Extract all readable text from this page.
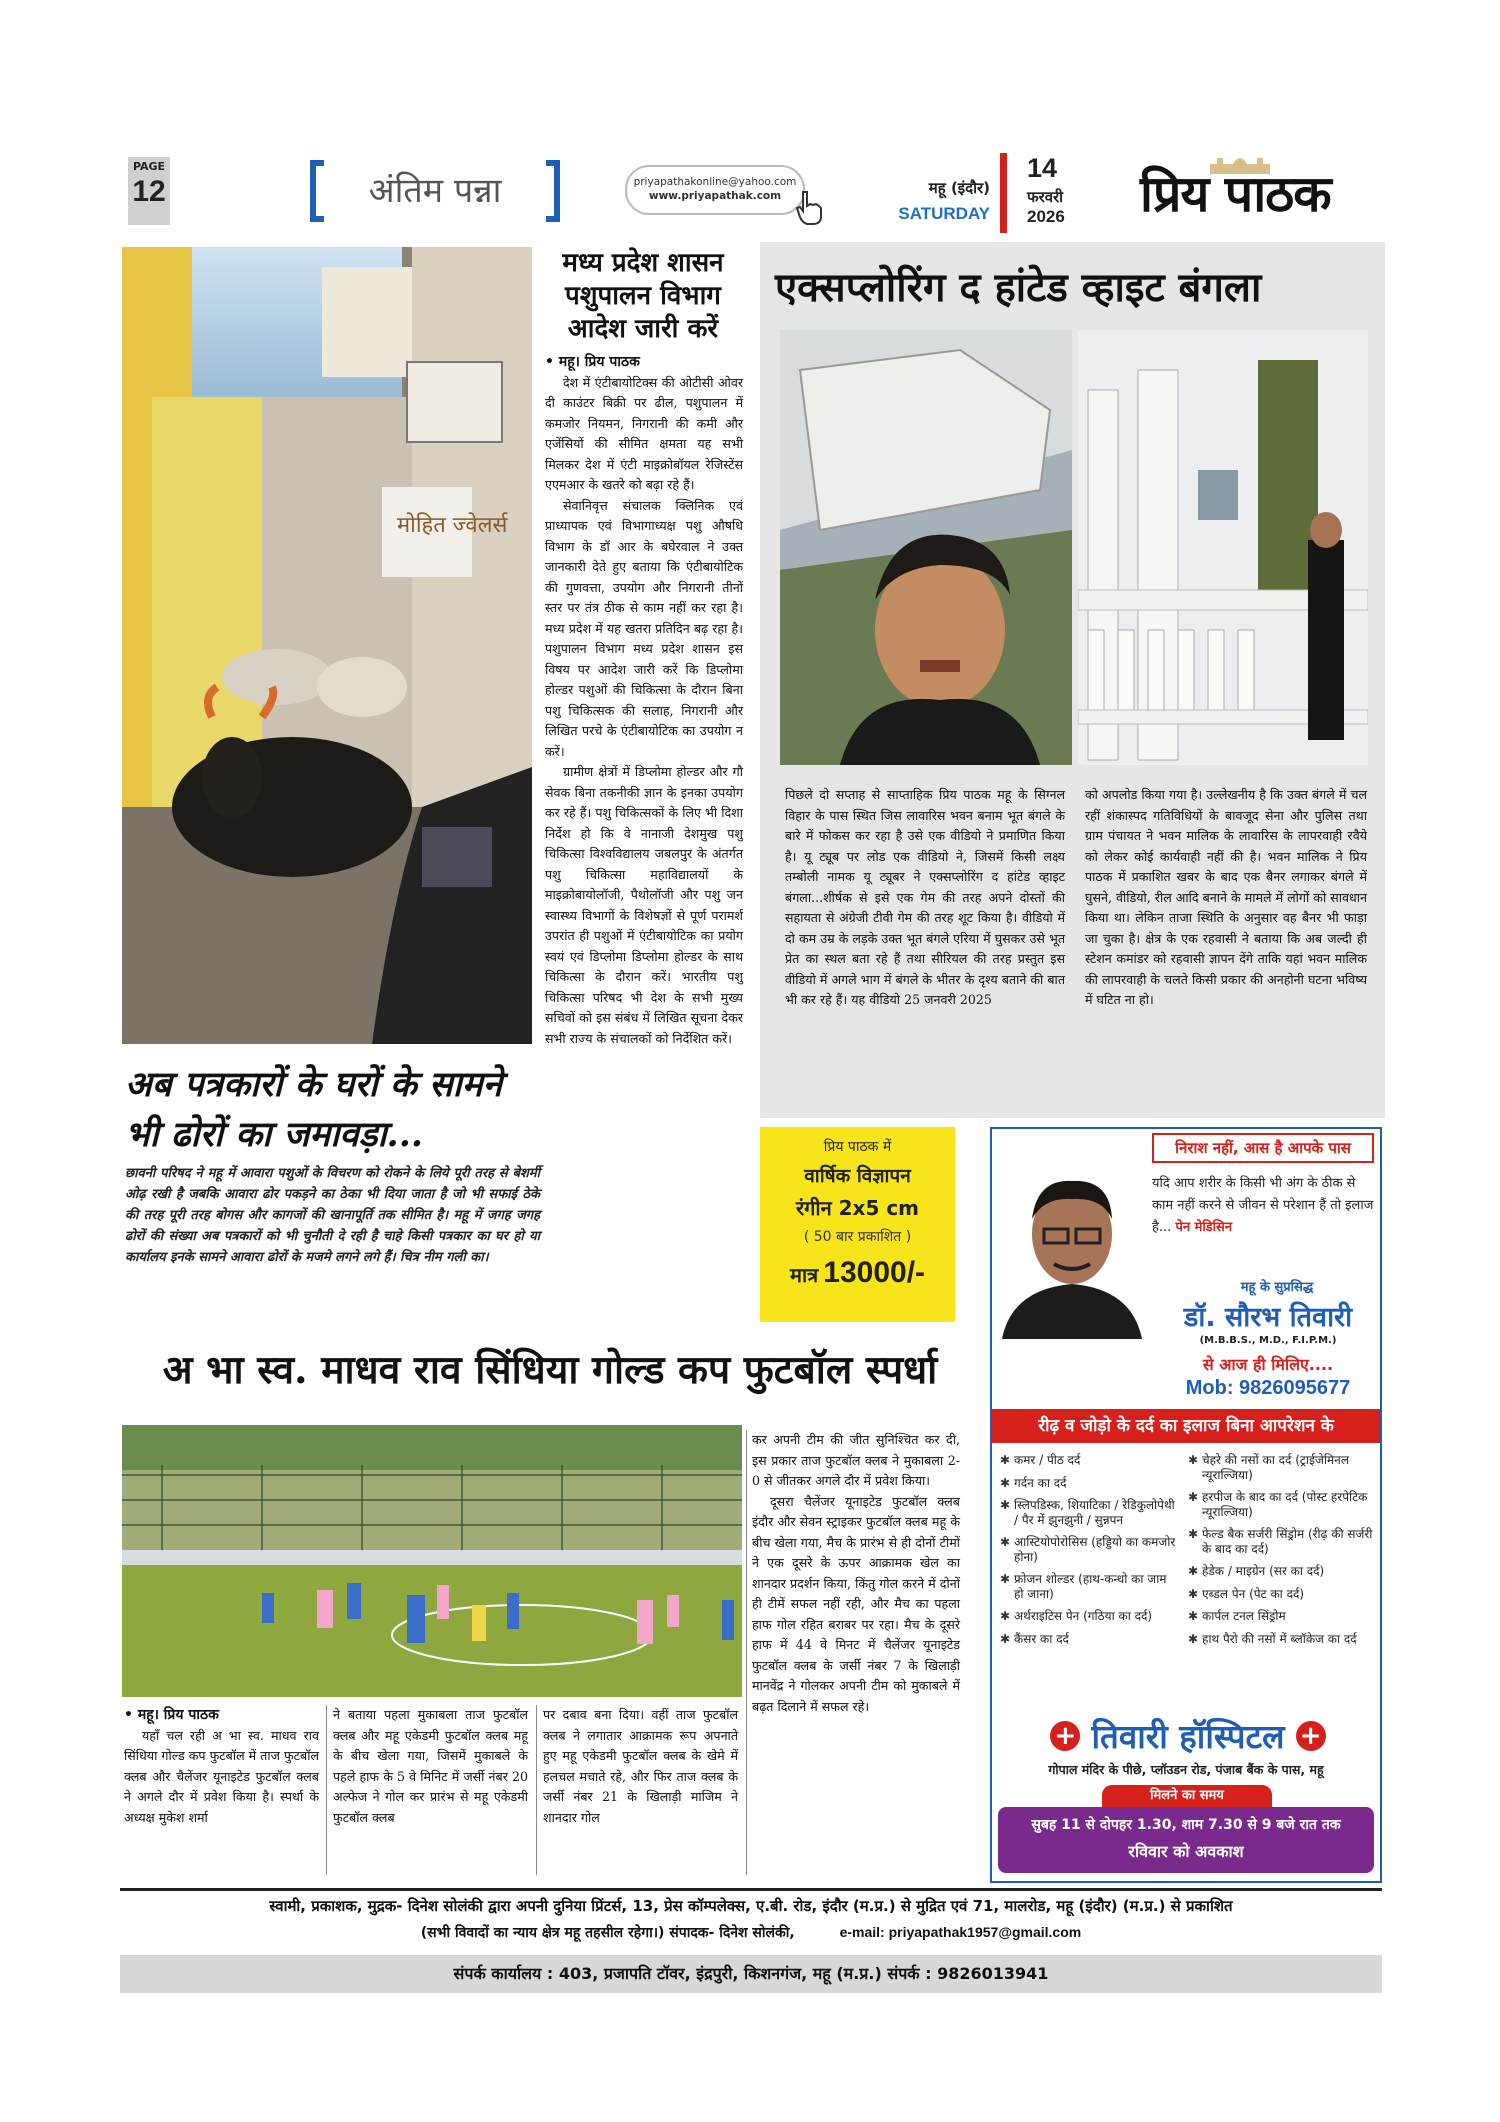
PAGE
12	अंतिम पन्ना	priyapathakonline@yahoo.com
www.priyapathak.com	महू (इंदौर)
SATURDAY
14
फरवरी
2026 प्रिय पाठक
मोहित ज्वेलर्स
अब पत्रकारों के घरों के सामने भी ढोरों का जमावड़ा...
छावनी परिषद ने महू में आवारा पशुओं के विचरण को रोकने के लिये पूरी तरह से बेशर्मी ओढ़ रखी है जबकि आवारा ढोर पकड़ने का ठेका भी दिया जाता है जो भी सफाई ठेके की तरह पूरी तरह बोगस और कागजों की खानापूर्ति तक सीमित है। महू में जगह जगह ढोरों की संख्या अब पत्रकारों को भी चुनौती दे रही है चाहे किसी पत्रकार का घर हो या कार्यालय इनके सामने आवारा ढोरों के मजमे लगने लगे हैं। चित्र नीम गली का।
मध्य प्रदेश शासन पशुपालन विभाग आदेश जारी करें

• महू। प्रिय पाठक

देश में एंटीबायोटिक्स की ओटीसी ओवर दी काउंटर बिक्री पर ढील, पशुपालन में कमजोर नियमन, निगरानी की कमी और एजेंसियों की सीमित क्षमता यह सभी मिलकर देश में एंटी माइक्रोबॉयल रेजिस्टेंस एएमआर के खतरे को बढ़ा रहे हैं।

सेवानिवृत्त संचालक क्लिनिक एवं प्राध्यापक एवं विभागाध्यक्ष पशु औषधि विभाग के डॉ आर के बघेरवाल ने उक्त जानकारी देते हुए बताया कि एंटीबायोटिक की गुणवत्ता, उपयोग और निगरानी तीनों स्तर पर तंत्र ठीक से काम नहीं कर रहा है। मध्य प्रदेश में यह खतरा प्रतिदिन बढ़ रहा है। पशुपालन विभाग मध्य प्रदेश शासन इस विषय पर आदेश जारी करें कि डिप्लोमा होल्डर पशुओं की चिकित्सा के दौरान बिना पशु चिकित्सक की सलाह, निगरानी और लिखित परचे के एंटीबायोटिक का उपयोग न करें।

ग्रामीण क्षेत्रों में डिप्लोमा होल्डर और गौ सेवक बिना तकनीकी ज्ञान के इनका उपयोग कर रहे हैं। पशु चिकित्सकों के लिए भी दिशा निर्देश हो कि वे नानाजी देशमुख पशु चिकित्सा विश्वविद्यालय जबलपुर के अंतर्गत पशु चिकित्सा महाविद्यालयों के माइक्रोबायोलॉजी, पैथोलॉजी और पशु जन स्वास्थ्य विभागों के विशेषज्ञों से पूर्ण परामर्श उपरांत ही पशुओं में एंटीबायोटिक का प्रयोग स्वयं एवं डिप्लोमा डिप्लोमा होल्डर के साथ चिकित्सा के दौरान करें। भारतीय पशु चिकित्सा परिषद भी देश के सभी मुख्य सचिवों को इस संबंध में लिखित सूचना देकर सभी राज्य के संचालकों को निर्देशित करें।

एक्सप्लोरिंग द हांटेड व्हाइट बंगला
पिछले दो सप्ताह से साप्ताहिक प्रिय पाठक महू के सिग्नल विहार के पास स्थित जिस लावारिस भवन बनाम भूत बंगले के बारे में फोकस कर रहा है उसे एक वीडियो ने प्रमाणित किया है। यू ट्यूब पर लोड एक वीडियो ने, जिसमें किसी लक्ष्य तम्बोली नामक यू ट्यूबर ने एक्सप्लोरिंग द हांटेड व्हाइट बंगला...शीर्षक से इसे एक गेम की तरह अपने दोस्तों की सहायता से अंग्रेजी टीवी गेम की तरह शूट किया है। वीडियो में दो कम उम्र के लड़के उक्त भूत बंगले एरिया में घुसकर उसे भूत प्रेत का स्थल बता रहे हैं तथा सीरियल की तरह प्रस्तुत इस वीडियो में अगले भाग में बंगले के भीतर के दृश्य बताने की बात भी कर रहे हैं। यह वीडियो 25 जनवरी 2025
को अपलोड किया गया है। उल्लेखनीय है कि उक्त बंगले में चल रहीं शंकास्पद गतिविधियों के बावजूद सेना और पुलिस तथा ग्राम पंचायत ने भवन मालिक के लावारिस के लापरवाही रवैये को लेकर कोई कार्यवाही नहीं की है। भवन मालिक ने प्रिय पाठक में प्रकाशित खबर के बाद एक बैनर लगाकर बंगले में घुसने, वीडियो, रील आदि बनाने के मामले में लोगों को सावधान किया था। लेकिन ताजा स्थिति के अनुसार वह बैनर भी फाड़ा जा चुका है। क्षेत्र के एक रहवासी ने बताया कि अब जल्दी ही स्टेशन कमांडर को रहवासी ज्ञापन देंगे ताकि यहां भवन मालिक की लापरवाही के चलते किसी प्रकार की अनहोनी घटना भविष्य में घटित ना हो।
प्रिय पाठक में
वार्षिक विज्ञापन
रंगीन 2x5 cm
( 50 बार प्रकाशित )
मात्र 13000/-
निराश नहीं, आस है आपके पास
यदि आप शरीर के किसी भी अंग के ठीक से काम नहीं करने से जीवन से परेशान हैं तो इलाज है... पेन मेडिसिन
महू के सुप्रसिद्ध
डॉ. सौरभ तिवारी
(M.B.B.S., M.D., F.I.P.M.)
से आज ही मिलिए....
Mob: 9826095677
रीढ़ व जोड़ो के दर्द का इलाज बिना आपरेशन के
✱ कमर / पीठ दर्द
✱ गर्दन का दर्द
✱ स्लिपडिस्क, शियाटिका / रेडिकुलोपेथी / पैर में झुनझुनी / सुन्नपन
✱ आस्टियोपोरोसिस (हड्डियो का कमजोर होना)
✱ फ्रोजन शोल्डर (हाथ-कन्धो का जाम हो जाना)
✱ अर्थराइटिस पेन (गठिया का दर्द)
✱ कैंसर का दर्द
✱ चेहरे की नसों का दर्द (ट्राईजेमिनल न्यूराल्जिया)
✱ हरपीज के बाद का दर्द (पोस्ट हरपेटिक न्यूराल्जिया)
✱ फेल्ड बैक सर्जरी सिंड्रोम (रीढ़ की सर्जरी के बाद का दर्द)
✱ हेडेक / माइग्रेन (सर का दर्द)
✱ एब्डल पेन (पेट का दर्द)
✱ कार्पल टनल सिंड्रोम
✱ हाथ पैरो की नसों में ब्लॉकेज का दर्द
+ तिवारी हॉस्पिटल +
गोपाल मंदिर के पीछे, प्लॉउडन रोड, पंजाब बैंक के पास, महू
मिलने का समय
सुबह 11 से दोपहर 1.30, शाम 7.30 से 9 बजे रात तक
रविवार को अवकाश
अ भा स्व. माधव राव सिंधिया गोल्ड कप फुटबॉल स्पर्धा

• महू। प्रिय पाठक

यहाँ चल रही अ भा स्व. माधव राव सिंधिया गोल्ड कप फुटबॉल में ताज फुटबॉल क्लब और चैलेंजर यूनाइटेड फुटबॉल क्लब ने अगले दौर में प्रवेश किया है। स्पर्धा के अध्यक्ष मुकेश शर्मा

ने बताया पहला मुकाबला ताज फुटबॉल क्लब और महू एकेडमी फुटबॉल क्लब महू के बीच खेला गया, जिसमें मुकाबले के पहले हाफ के 5 वे मिनिट में जर्सी नंबर 20 अल्फेज ने गोल कर प्रारंभ से महू एकेडमी फुटबॉल क्लब
पर दबाव बना दिया। वहीं ताज फुटबॉल क्लब ने लगातार आक्रामक रूप अपनाते हुए महू एकेडमी फुटबॉल क्लब के खेमे में हलचल मचाते रहे, और फिर ताज क्लब के जर्सी नंबर 21 के खिलाड़ी माजिम ने शानदार गोल

कर अपनी टीम की जीत सुनिश्चित कर दी, इस प्रकार ताज फुटबॉल क्लब ने मुकाबला 2-0 से जीतकर अगले दौर में प्रवेश किया।

दूसरा चैलेंजर यूनाइटेड फुटबॉल क्लब इंदौर और सेवन स्ट्राइकर फुटबॉल क्लब महू के बीच खेला गया, मैच के प्रारंभ से ही दोनों टीमों ने एक दूसरे के ऊपर आक्रामक खेल का शानदार प्रदर्शन किया, किंतु गोल करने में दोनों ही टीमें सफल नहीं रही, और मैच का पहला हाफ गोल रहित बराबर पर रहा। मैच के दूसरे हाफ में 44 वे मिनट में चैलेंजर यूनाइटेड फुटबॉल क्लब के जर्सी नंबर 7 के खिलाड़ी मानवेंद्र ने गोलकर अपनी टीम को मुकाबले में बढ़त दिलाने में सफल रहे।

स्वामी, प्रकाशक, मुद्रक- दिनेश सोलंकी द्वारा अपनी दुनिया प्रिंटर्स, 13, प्रेस कॉम्पलेक्स, ए.बी. रोड, इंदौर (म.प्र.) से मुद्रित एवं 71, मालरोड, महू (इंदौर) (म.प्र.) से प्रकाशित
(सभी विवादों का न्याय क्षेत्र महू तहसील रहेगा।) संपादक- दिनेश सोलंकी,	e-mail: priyapathak1957@gmail.com
संपर्क कार्यालय : 403, प्रजापति टॉवर, इंद्रपुरी, किशनगंज, महू (म.प्र.) संपर्क : 9826013941
